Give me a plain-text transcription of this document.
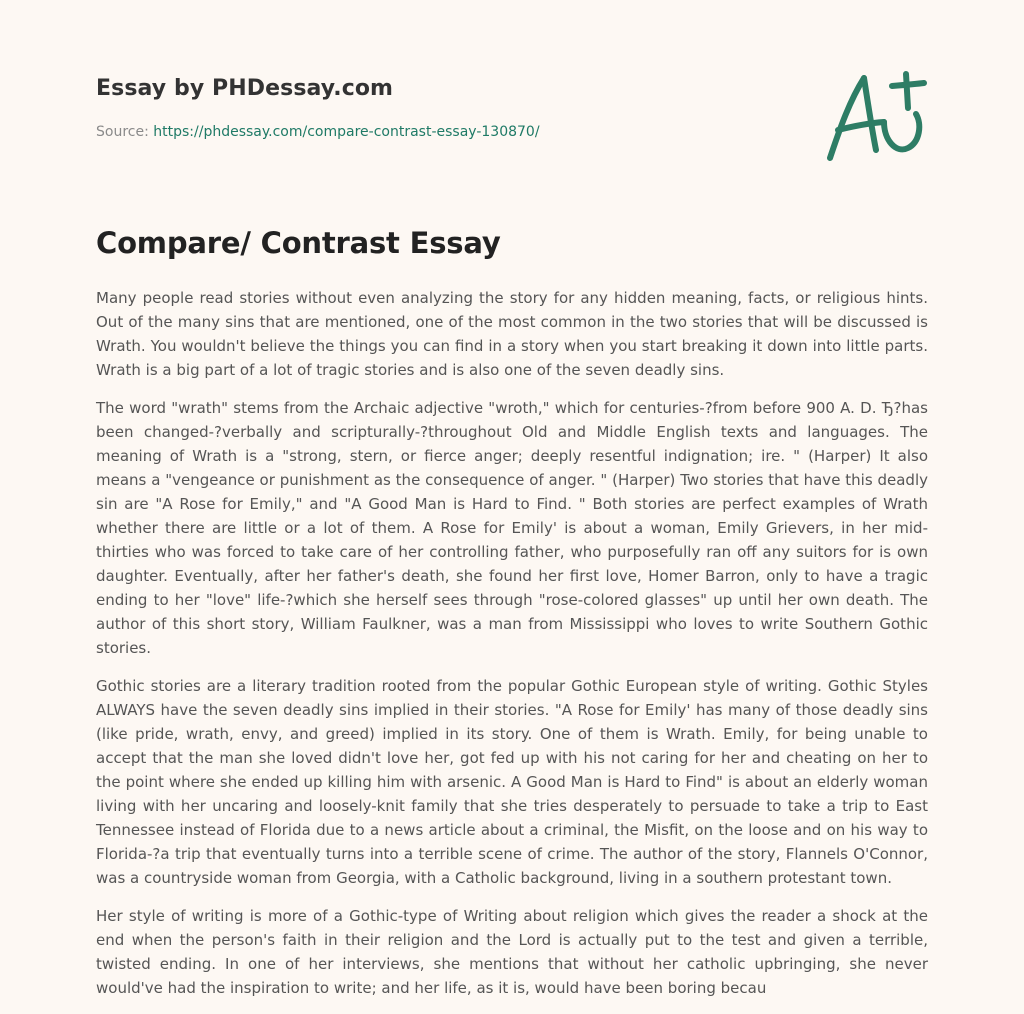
Essay by PHDessay.com
Source: https://phdessay.com/compare-contrast-essay-130870/
Compare/ Contrast Essay

Many people read stories without even analyzing the story for any hidden meaning, facts, or religious hints. Out of the many sins that are mentioned, one of the most common in the two stories that will be discussed is Wrath. You wouldn't believe the things you can find in a story when you start breaking it down into little parts. Wrath is a big part of a lot of tragic stories and is also one of the seven deadly sins.

The word "wrath" stems from the Archaic adjective "wroth," which for centuries-?from before 900 A. D. Ђ?has been changed-?verbally and scripturally-?throughout Old and Middle English texts and languages. The meaning of Wrath is a "strong, stern, or fierce anger; deeply resentful indignation; ire. " (Harper) It also means a "vengeance or punishment as the consequence of anger. " (Harper) Two stories that have this deadly sin are "A Rose for Emily," and "A Good Man is Hard to Find. " Both stories are perfect examples of Wrath whether there are little or a lot of them. A Rose for Emily' is about a woman, Emily Grievers, in her mid-thirties who was forced to take care of her controlling father, who purposefully ran off any suitors for is own daughter. Eventually, after her father's death, she found her first love, Homer Barron, only to have a tragic ending to her "love" life-?which she herself sees through "rose-colored glasses" up until her own death. The author of this short story, William Faulkner, was a man from Mississippi who loves to write Southern Gothic stories.

Gothic stories are a literary tradition rooted from the popular Gothic European style of writing. Gothic Styles ALWAYS have the seven deadly sins implied in their stories. "A Rose for Emily' has many of those deadly sins (like pride, wrath, envy, and greed) implied in its story. One of them is Wrath. Emily, for being unable to accept that the man she loved didn't love her, got fed up with his not caring for her and cheating on her to the point where she ended up killing him with arsenic. A Good Man is Hard to Find" is about an elderly woman living with her uncaring and loosely-knit family that she tries desperately to persuade to take a trip to East Tennessee instead of Florida due to a news article about a criminal, the Misfit, on the loose and on his way to Florida-?a trip that eventually turns into a terrible scene of crime. The author of the story, Flannels O'Connor, was a countryside woman from Georgia, with a Catholic background, living in a southern protestant town.

Her style of writing is more of a Gothic-type of Writing about religion which gives the reader a shock at the end when the person's faith in their religion and the Lord is actually put to the test and given a terrible, twisted ending. In one of her interviews, she mentions that without her catholic upbringing, she never would've had the inspiration to write; and her life, as it is, would have been boring becau
